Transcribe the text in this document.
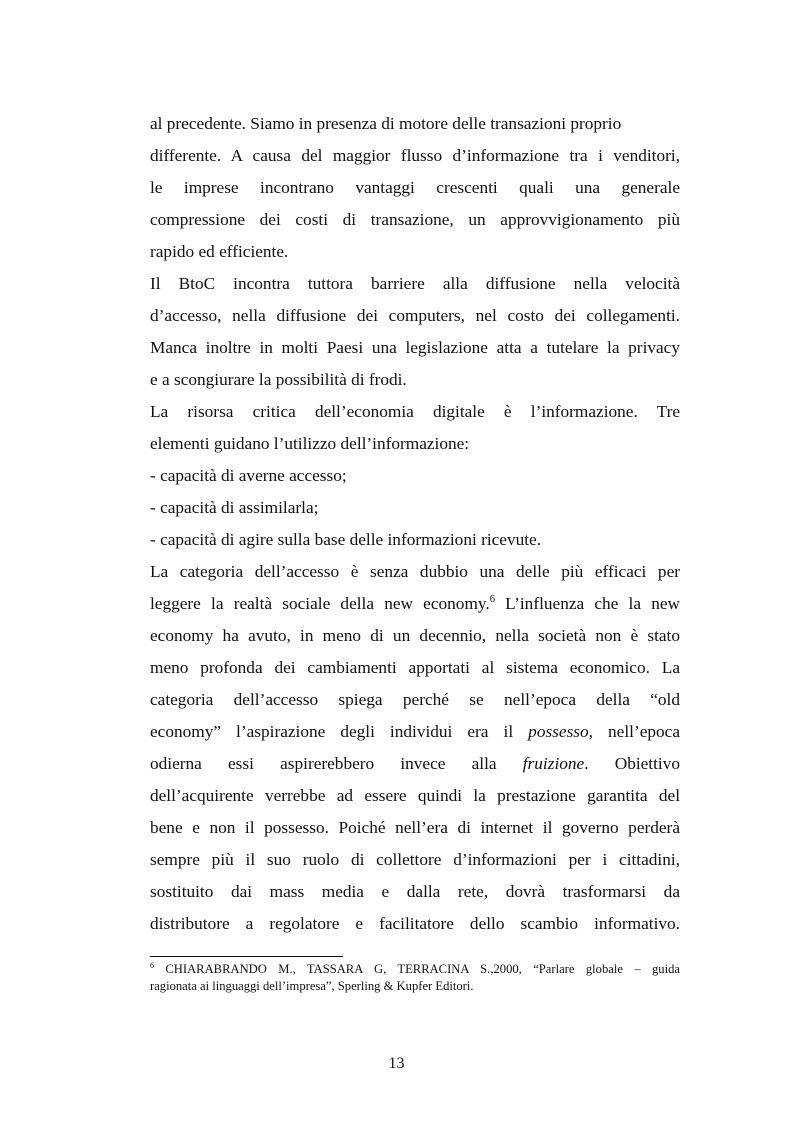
al precedente. Siamo in presenza di motore delle transazioni proprio
differente. A causa del maggior flusso d’informazione tra i venditori,
le imprese incontrano vantaggi crescenti quali una generale
compressione dei costi di transazione, un approvvigionamento più
rapido ed efficiente.
Il BtoC incontra tuttora barriere alla diffusione nella velocità
d’accesso, nella diffusione dei computers, nel costo dei collegamenti.
Manca inoltre in molti Paesi una legislazione atta a tutelare la privacy
e a scongiurare la possibilità di frodi.
La risorsa critica dell’economia digitale è l’informazione. Tre
elementi guidano l’utilizzo dell’informazione:
- capacità di averne accesso;
- capacità di assimilarla;
- capacità di agire sulla base delle informazioni ricevute.
La categoria dell’accesso è senza dubbio una delle più efficaci per
leggere la realtà sociale della new economy.$^6$ L’influenza che la new
economy ha avuto, in meno di un decennio, nella società non è stato
meno profonda dei cambiamenti apportati al sistema economico. La
categoria dell’accesso spiega perché se nell’epoca della “old
economy” l’aspirazione degli individui era il possesso, nell’epoca
odierna essi aspirerebbero invece alla fruizione. Obiettivo
dell’acquirente verrebbe ad essere quindi la prestazione garantita del
bene e non il possesso. Poiché nell’era di internet il governo perderà
sempre più il suo ruolo di collettore d’informazioni per i cittadini,
sostituito dai mass media e dalla rete, dovrà trasformarsi da
distributore a regolatore e facilitatore dello scambio informativo.
$^6$ CHIARABRANDO M., TASSARA G, TERRACINA S.,2000, “Parlare globale – guida
ragionata ai linguaggi dell’impresa”, Sperling & Kupfer Editori.
13
